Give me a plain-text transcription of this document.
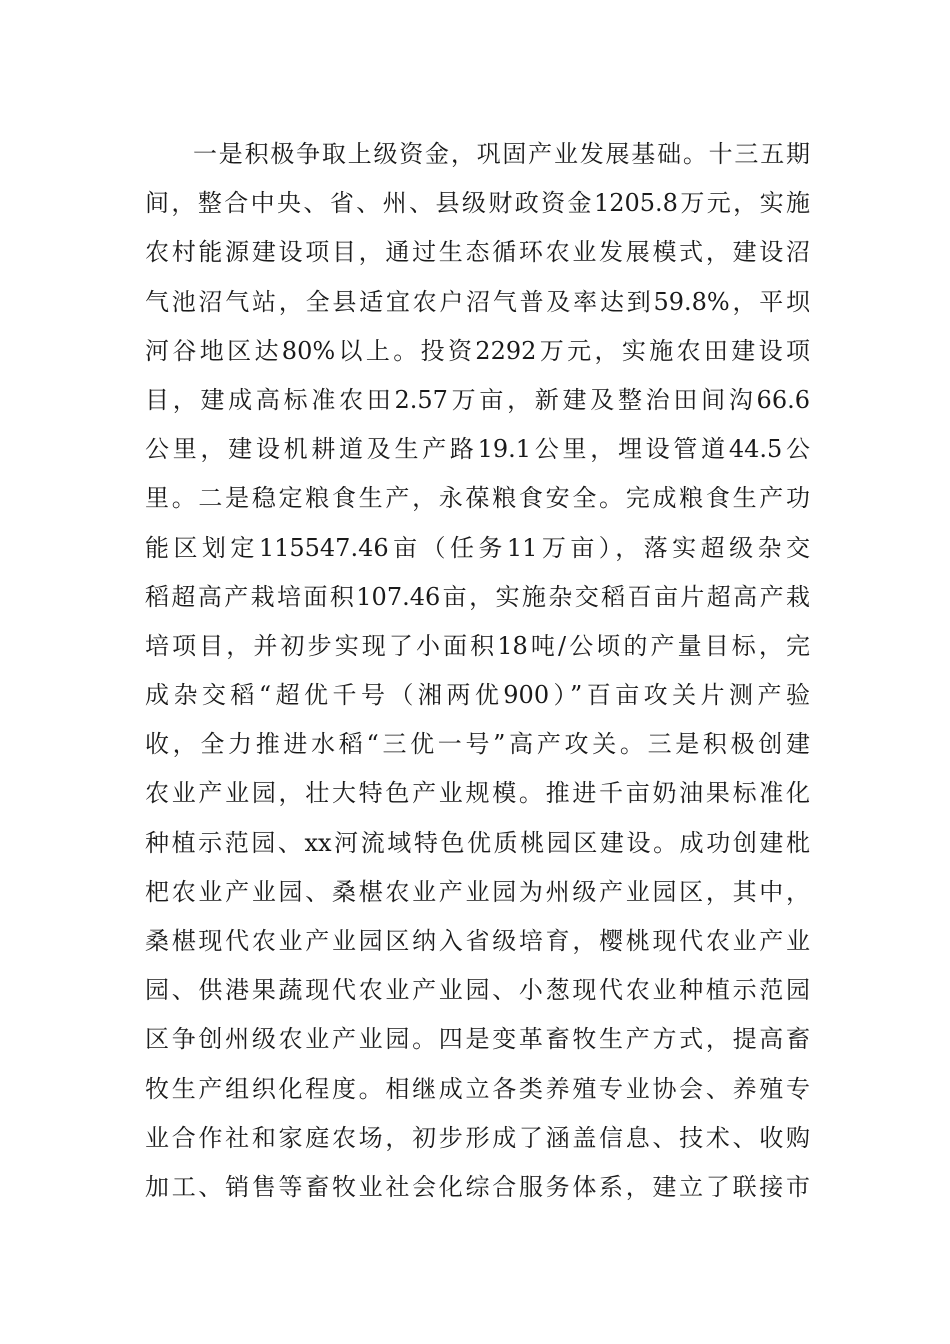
一是积极争取上级资金，巩固产业发展基础。十三五期
间，整合中央、省、州、县级财政资金1205.8万元，实施
农村能源建设项目，通过生态循环农业发展模式，建设沼
气池沼气站，全县适宜农户沼气普及率达到59.8%，平坝
河谷地区达80%以上。投资2292万元，实施农田建设项
目，建成高标准农田2.57万亩，新建及整治田间沟66.6
公里，建设机耕道及生产路19.1公里，埋设管道44.5公
里。二是稳定粮食生产，永葆粮食安全。完成粮食生产功
能区划定115547.46亩（任务11万亩），落实超级杂交
稻超高产栽培面积107.46亩，实施杂交稻百亩片超高产栽
培项目，并初步实现了小面积18吨/公顷的产量目标，完
成杂交稻“超优千号（湘两优900）”百亩攻关片测产验
收，全力推进水稻“三优一号”高产攻关。三是积极创建
农业产业园，壮大特色产业规模。推进千亩奶油果标准化
种植示范园、xx河流域特色优质桃园区建设。成功创建枇
杷农业产业园、桑椹农业产业园为州级产业园区，其中，
桑椹现代农业产业园区纳入省级培育，樱桃现代农业产业
园、供港果蔬现代农业产业园、小葱现代农业种植示范园
区争创州级农业产业园。四是变革畜牧生产方式，提高畜
牧生产组织化程度。相继成立各类养殖专业协会、养殖专
业合作社和家庭农场，初步形成了涵盖信息、技术、收购
加工、销售等畜牧业社会化综合服务体系，建立了联接市
